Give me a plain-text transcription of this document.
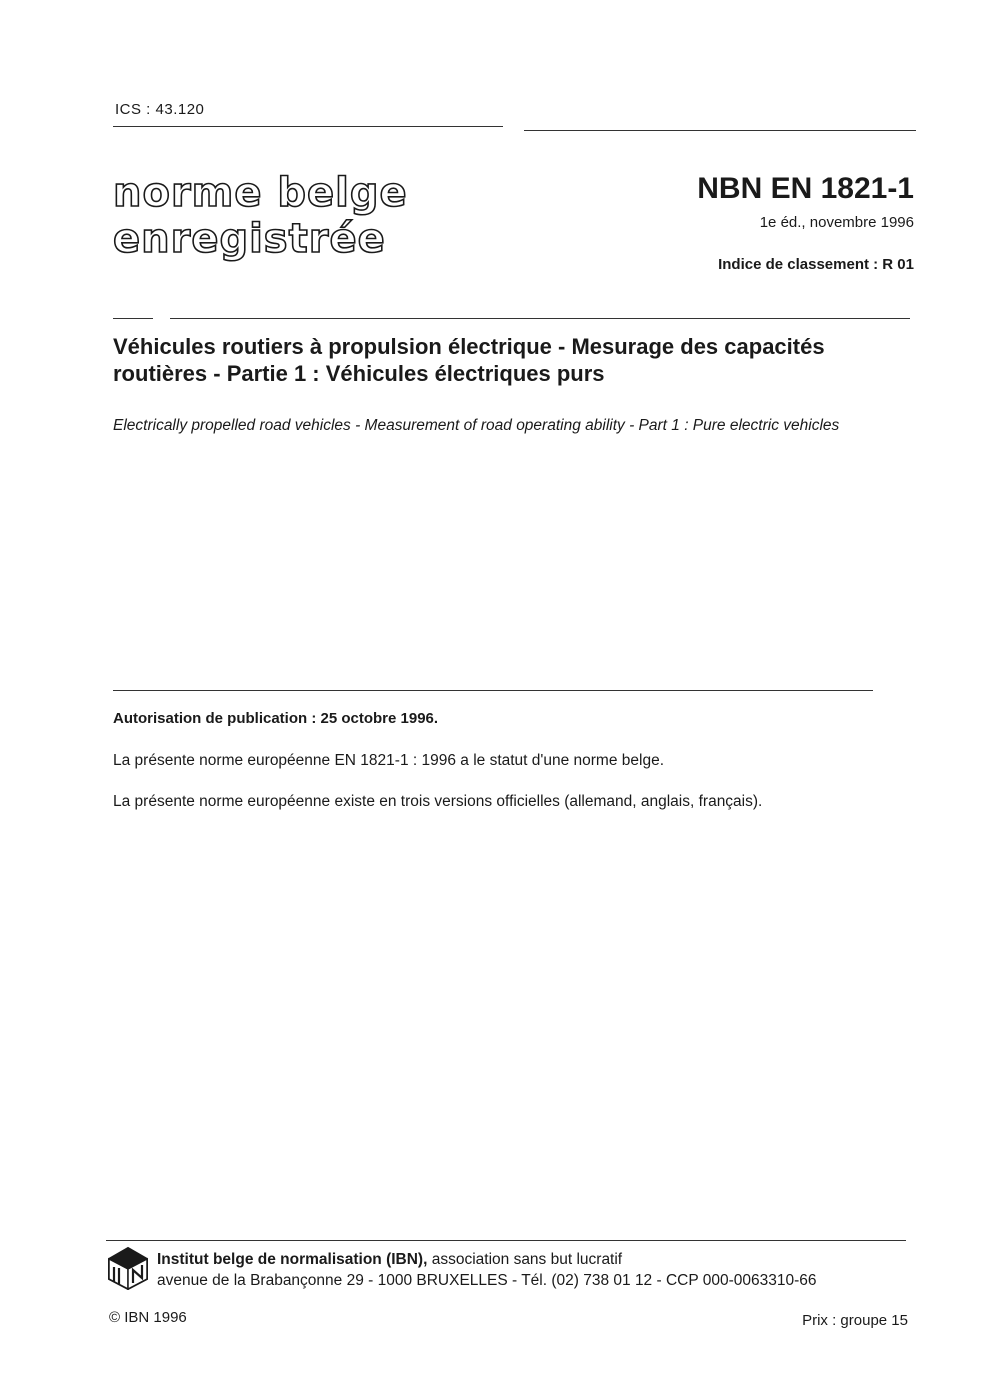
ICS : 43.120
norme belge
enregistrée
NBN EN 1821-1
1e éd., novembre 1996
Indice de classement : R 01
Véhicules routiers à propulsion électrique - Mesurage des capacités routières - Partie 1 : Véhicules électriques purs
Electrically propelled road vehicles - Measurement of road operating ability - Part 1 : Pure electric vehicles
Autorisation de publication : 25 octobre 1996.
La présente norme européenne EN 1821-1 : 1996 a le statut d'une norme belge.
La présente norme européenne existe en trois versions officielles (allemand, anglais, français).
Institut belge de normalisation (IBN), association sans but lucratif
avenue de la Brabançonne 29 - 1000 BRUXELLES - Tél. (02) 738 01 12 - CCP 000-0063310-66
© IBN 1996	Prix : groupe 15
